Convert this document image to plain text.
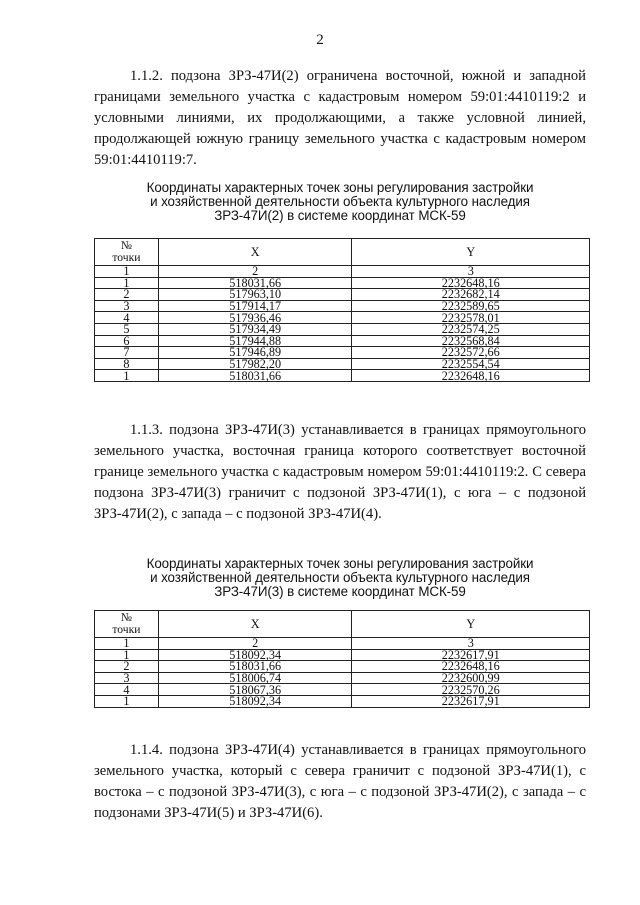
2
1.1.2. подзона ЗРЗ-47И(2) ограничена восточной, южной и западной границами земельного участка с кадастровым номером 59:01:4410119:2 и условными линиями, их продолжающими, а также условной линией, продолжающей южную границу земельного участка с кадастровым номером 59:01:4410119:7.
Координаты характерных точек зоны регулирования застройки
и хозяйственной деятельности объекта культурного наследия
ЗРЗ-47И(2) в системе координат МСК-59
№
точки	X	Y
1	2	3
1	518031,66	2232648,16
2	517963,10	2232682,14
3	517914,17	2232589,65
4	517936,46	2232578,01
5	517934,49	2232574,25
6	517944,88	2232568,84
7	517946,89	2232572,66
8	517982,20	2232554,54
1	518031,66	2232648,16
1.1.3. подзона ЗРЗ-47И(3) устанавливается в границах прямоугольного земельного участка, восточная граница которого соответствует восточной границе земельного участка с кадастровым номером 59:01:4410119:2. С севера подзона ЗРЗ-47И(3) граничит с подзоной ЗРЗ-47И(1), с юга – с подзоной ЗРЗ-47И(2), с запада – с подзоной ЗРЗ-47И(4).
Координаты характерных точек зоны регулирования застройки
и хозяйственной деятельности объекта культурного наследия
ЗРЗ-47И(3) в системе координат МСК-59
№
точки	X	Y
1	2	3
1	518092,34	2232617,91
2	518031,66	2232648,16
3	518006,74	2232600,99
4	518067,36	2232570,26
1	518092,34	2232617,91
1.1.4. подзона ЗРЗ-47И(4) устанавливается в границах прямоугольного земельного участка, который с севера граничит с подзоной ЗРЗ-47И(1), с востока – с подзоной ЗРЗ-47И(3), с юга – с подзоной ЗРЗ-47И(2), с запада – с подзонами ЗРЗ-47И(5) и ЗРЗ-47И(6).
